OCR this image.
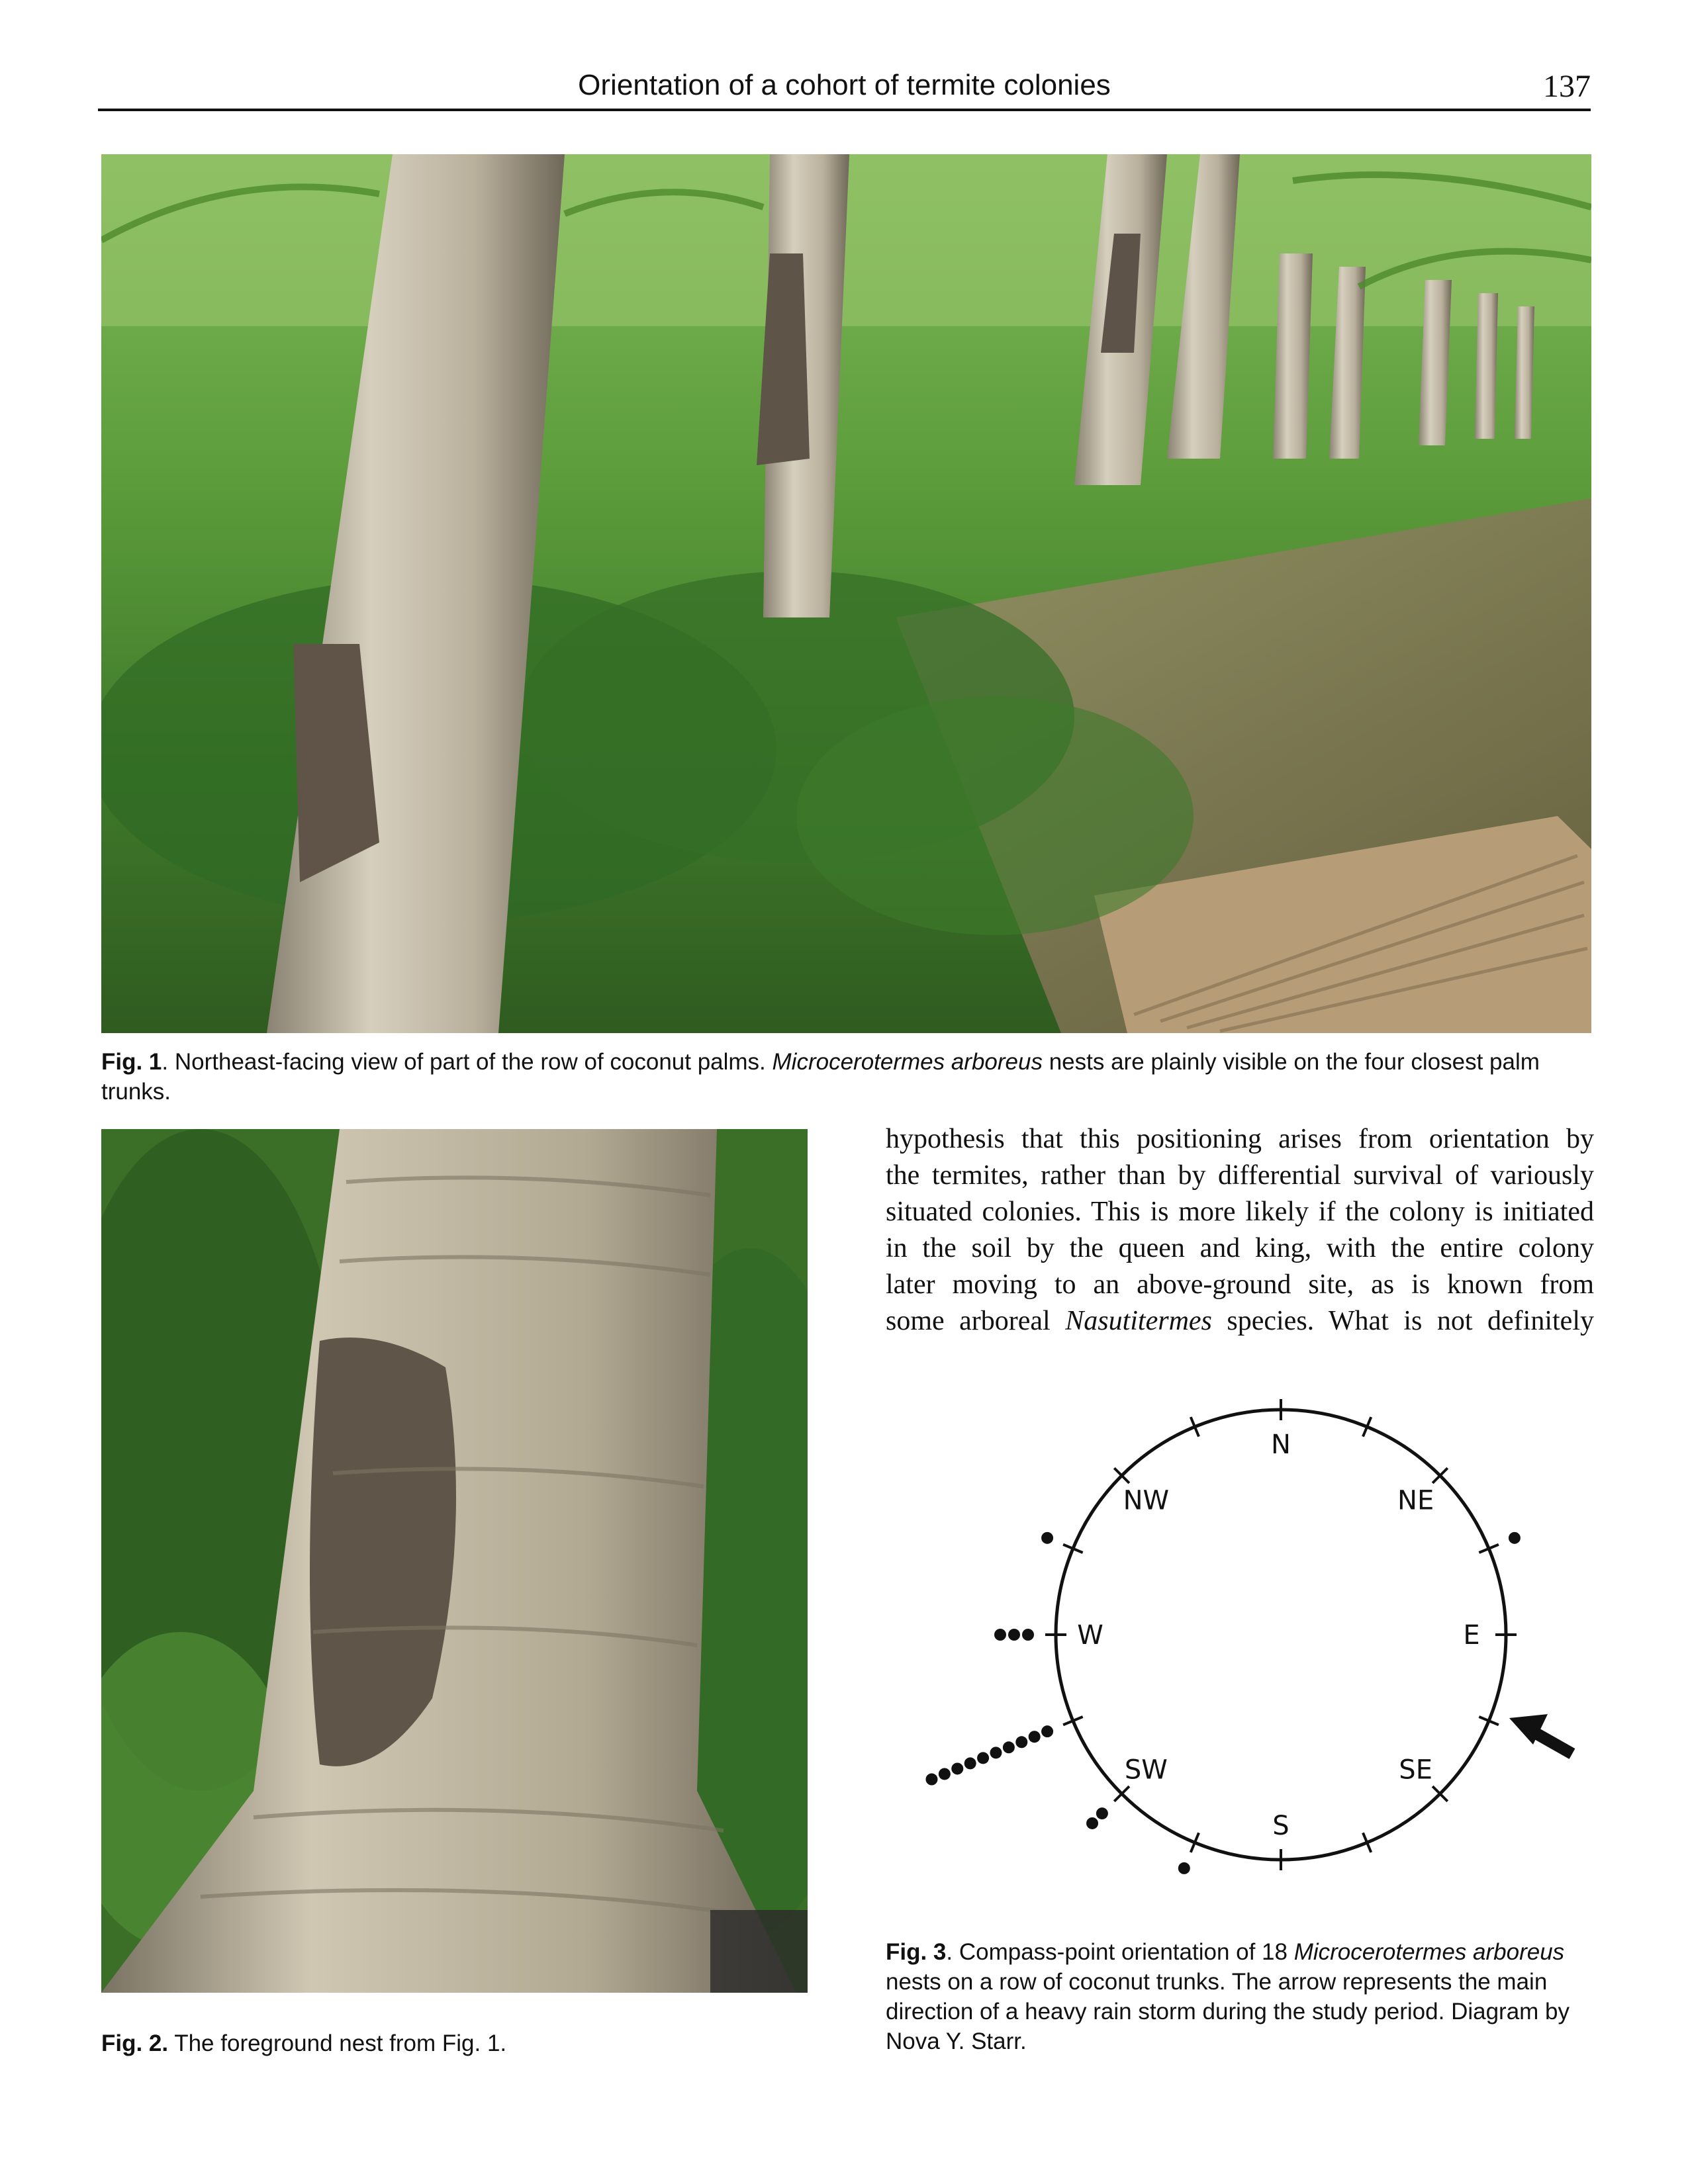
Orientation of a cohort of termite colonies	137
Fig. 1. Northeast-facing view of part of the row of coconut palms. Microcerotermes arboreus nests are plainly visible on the four closest palm trunks.
Fig. 2. The foreground nest from Fig. 1.
hypothesis that this positioning arises from orientation by
the termites, rather than by differential survival of variously
situated colonies. This is more likely if the colony is initiated
in the soil by the queen and king, with the entire colony
later moving to an above-ground site, as is known from
some arboreal Nasutitermes species. What is not definitely
N
NE
E
SE
S
SW
W
NW
Fig. 3. Compass-point orientation of 18 Microcerotermes arboreus nests on a row of coconut trunks. The arrow represents the main direction of a heavy rain storm during the study period. Diagram by Nova Y. Starr.
